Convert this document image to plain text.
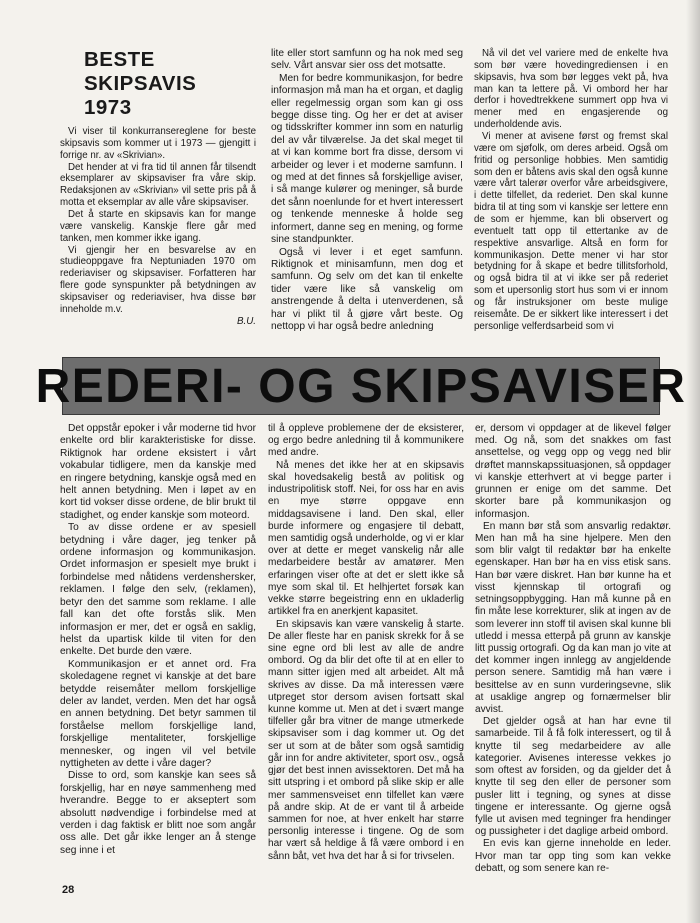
BESTE
SKIPSAVIS
1973

Vi viser til konkurransereglene for beste skipsavis som kommer ut i 1973 — gjengitt i forrige nr. av «Skrivian».

Det hender at vi fra tid til annen får tilsendt eksemplarer av skipsaviser fra våre skip. Redaksjonen av «Skrivian» vil sette pris på å motta et eksemplar av alle våre skipsaviser.

Det å starte en skipsavis kan for mange være vanskelig. Kanskje flere går med tanken, men kommer ikke igang.

Vi gjengir her en besvarelse av en studieoppgave fra Neptuniaden 1970 om rederiaviser og skipsaviser. Forfatteren har flere gode synspunkter på betydningen av skipsaviser og rederiaviser, hva disse bør inneholde m.v.

B.U.

lite eller stort samfunn og ha nok med seg selv. Vårt ansvar sier oss det motsatte.

Men for bedre kommunikasjon, for bedre informasjon må man ha et organ, et daglig eller regelmessig organ som kan gi oss begge disse ting. Og her er det at aviser og tidsskrifter kommer inn som en naturlig del av vår tilværelse. Ja det skal meget til at vi kan komme bort fra disse, dersom vi arbeider og lever i et moderne samfunn. I og med at det finnes så forskjellige aviser, i så mange kulører og meninger, så burde det sånn noenlunde for et hvert interessert og tenkende menneske å holde seg informert, danne seg en mening, og forme sine standpunkter.

Også vi lever i et eget samfunn. Riktignok et minisamfunn, men dog et samfunn. Og selv om det kan til enkelte tider være like så vanskelig om anstrengende å delta i utenverdenen, så har vi plikt til å gjøre vårt beste. Og nettopp vi har også bedre anledning

Nå vil det vel variere med de enkelte hva som bør være hovedingrediensen i en skipsavis, hva som bør legges vekt på, hva man kan ta lettere på. Vi ombord her har derfor i hovedtrekkene summert opp hva vi mener med en engasjerende og underholdende avis.

Vi mener at avisene først og fremst skal være om sjøfolk, om deres arbeid. Også om fritid og personlige hobbies. Men samtidig som den er båtens avis skal den også kunne være vårt talerør overfor våre arbeidsgivere, i dette tilfellet, da rederiet. Den skal kunne bidra til at ting som vi kanskje ser lettere enn de som er hjemme, kan bli observert og eventuelt tatt opp til ettertanke av de respektive ansvarlige. Altså en form for kommunikasjon. Dette mener vi har stor betydning for å skape et bedre tillitsforhold, og også bidra til at vi ikke ser på rederiet som et upersonlig stort hus som vi er innom og får instruksjoner om beste mulige reisemåte. De er sikkert like interessert i det personlige velferdsarbeid som vi

REDERI- OG SKIPSAVISER

Det oppstår epoker i vår moderne tid hvor enkelte ord blir karakteristiske for disse. Riktignok har ordene eksistert i vårt vokabular tidligere, men da kanskje med en ringere betydning, kanskje også med en helt annen betydning. Men i løpet av en kort tid vokser disse ordene, de blir brukt til stadighet, og ender kanskje som moteord.

To av disse ordene er av spesiell betydning i våre dager, jeg tenker på ordene informasjon og kommunikasjon. Ordet informasjon er spesielt mye brukt i forbindelse med nåtidens verdenshersker, reklamen. I følge den selv, (reklamen), betyr den det samme som reklame. I alle fall kan det ofte forstås slik. Men informasjon er mer, det er også en saklig, helst da upartisk kilde til viten for den enkelte. Det burde den være.

Kommunikasjon er et annet ord. Fra skoledagene regnet vi kanskje at det bare betydde reisemåter mellom forskjellige deler av landet, verden. Men det har også en annen betydning. Det betyr sammen til forståelse mellom forskjellige land, forskjellige mentaliteter, forskjellige mennesker, og ingen vil vel betvile nyttigheten av dette i våre dager?

Disse to ord, som kanskje kan sees så forskjellig, har en nøye sammenheng med hverandre. Begge to er akseptert som absolutt nødvendige i forbindelse med at verden i dag faktisk er blitt noe som angår oss alle. Det går ikke lenger an å stenge seg inne i et

til å oppleve problemene der de eksisterer, og ergo bedre anledning til å kommunikere med andre.

Nå menes det ikke her at en skipsavis skal hovedsakelig bestå av politisk og industripolitisk stoff. Nei, for oss har en avis en mye større oppgave enn middagsavisene i land. Den skal, eller burde informere og engasjere til debatt, men samtidig også underholde, og vi er klar over at dette er meget vanskelig når alle medarbeidere består av amatører. Men erfaringen viser ofte at det er slett ikke så mye som skal til. Et helhjertet forsøk kan vekke større begeistring enn en ukladerlig artikkel fra en anerkjent kapasitet.

En skipsavis kan være vanskelig å starte. De aller fleste har en panisk skrekk for å se sine egne ord bli lest av alle de andre ombord. Og da blir det ofte til at en eller to mann sitter igjen med alt arbeidet. Alt må skrives av disse. Da må interessen være utpreget stor dersom avisen fortsatt skal kunne komme ut. Men at det i svært mange tilfeller går bra vitner de mange utmerkede skipsaviser som i dag kommer ut. Og det ser ut som at de båter som også samtidig går inn for andre aktiviteter, sport osv., også gjør det best innen avissektoren. Det må ha sitt utspring i et ombord på slike skip er alle mer sammensveiset enn tilfellet kan være på andre skip. At de er vant til å arbeide sammen for noe, at hver enkelt har større personlig interesse i tingene. Og de som har vært så heldige å få være ombord i en sånn båt, vet hva det har å si for trivselen.

er, dersom vi oppdager at de likevel følger med. Og nå, som det snakkes om fast ansettelse, og vegg opp og vegg ned blir drøftet mannskapssituasjonen, så oppdager vi kanskje etterhvert at vi begge parter i grunnen er enige om det samme. Det skorter bare på kommunikasjon og informasjon.

En mann bør stå som ansvarlig redaktør. Men han må ha sine hjelpere. Men den som blir valgt til redaktør bør ha enkelte egenskaper. Han bør ha en viss etisk sans. Han bør være diskret. Han bør kunne ha et visst kjennskap til ortografi og setningsoppbygging. Han må kunne på en fin måte lese korrekturer, slik at ingen av de som leverer inn stoff til avisen skal kunne bli utledd i messa etterpå på grunn av kanskje litt pussig ortografi. Og da kan man jo vite at det kommer ingen innlegg av angjeldende person senere. Samtidig må han være i besittelse av en sunn vurderingsevne, slik at usaklige angrep og fornærmelser blir avvist.

Det gjelder også at han har evne til samarbeide. Til å få folk interessert, og til å knytte til seg medarbeidere av alle kategorier. Avisenes interesse vekkes jo som oftest av forsiden, og da gjelder det å knytte til seg den eller de personer som pusler litt i tegning, og synes at disse tingene er interessante. Og gjerne også fylle ut avisen med tegninger fra hendinger og pussigheter i det daglige arbeid ombord.

En evis kan gjerne inneholde en leder. Hvor man tar opp ting som kan vekke debatt, og som senere kan re-

28
